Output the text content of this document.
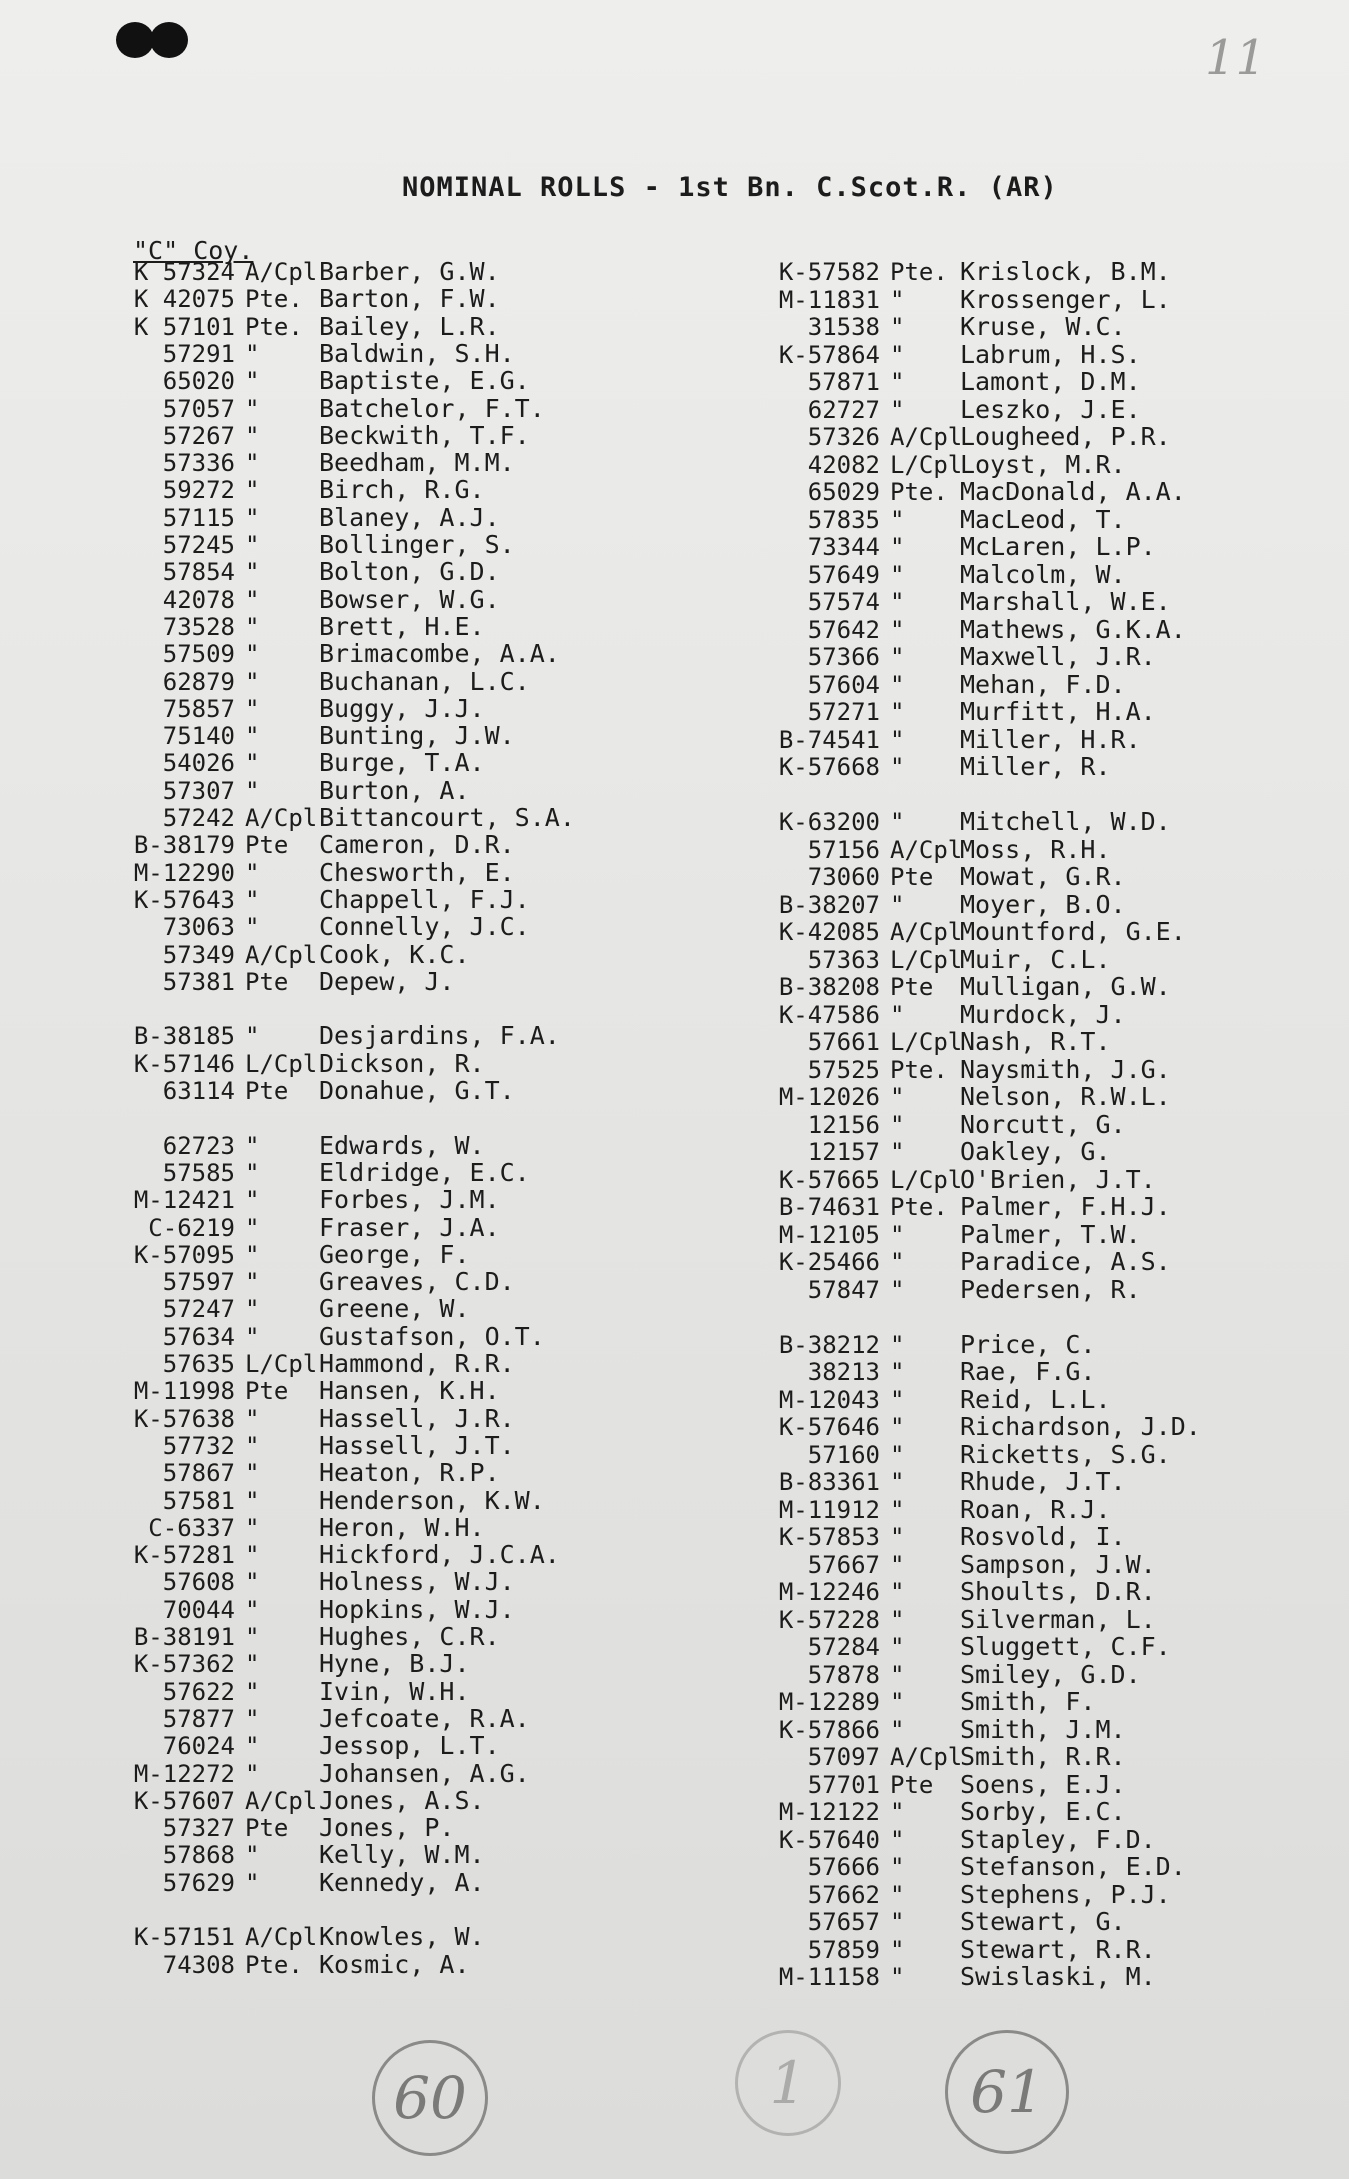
11
NOMINAL ROLLS - 1st Bn. C.Scot.R. (AR)
"C" Coy.
K 57324 A/Cpl Barber, G.W.
K 42075 Pte. Barton, F.W.
K 57101 Pte. Bailey, L.R.
57291 " Baldwin, S.H.
65020 " Baptiste, E.G.
57057 " Batchelor, F.T.
57267 " Beckwith, T.F.
57336 " Beedham, M.M.
59272 " Birch, R.G.
57115 " Blaney, A.J.
57245 " Bollinger, S.
57854 " Bolton, G.D.
42078 " Bowser, W.G.
73528 " Brett, H.E.
57509 " Brimacombe, A.A.
62879 " Buchanan, L.C.
75857 " Buggy, J.J.
75140 " Bunting, J.W.
54026 " Burge, T.A.
57307 " Burton, A.
57242 A/Cpl Bittancourt, S.A.
B-38179 Pte Cameron, D.R.
M-12290 " Chesworth, E.
K-57643 " Chappell, F.J.
73063 " Connelly, J.C.
57349 A/Cpl Cook, K.C.
57381 Pte Depew, J.
B-38185 " Desjardins, F.A.
K-57146 L/Cpl Dickson, R.
63114 Pte Donahue, G.T.
62723 " Edwards, W.
57585 " Eldridge, E.C.
M-12421 " Forbes, J.M.
C-6219 " Fraser, J.A.
K-57095 " George, F.
57597 " Greaves, C.D.
57247 " Greene, W.
57634 " Gustafson, O.T.
57635 L/Cpl Hammond, R.R.
M-11998 Pte Hansen, K.H.
K-57638 " Hassell, J.R.
57732 " Hassell, J.T.
57867 " Heaton, R.P.
57581 " Henderson, K.W.
C-6337 " Heron, W.H.
K-57281 " Hickford, J.C.A.
57608 " Holness, W.J.
70044 " Hopkins, W.J.
B-38191 " Hughes, C.R.
K-57362 " Hyne, B.J.
57622 " Ivin, W.H.
57877 " Jefcoate, R.A.
76024 " Jessop, L.T.
M-12272 " Johansen, A.G.
K-57607 A/Cpl Jones, A.S.
57327 Pte Jones, P.
57868 " Kelly, W.M.
57629 " Kennedy, A.
K-57151 A/Cpl Knowles, W.
74308 Pte. Kosmic, A.
K-57582 Pte. Krislock, B.M.
M-11831 " Krossenger, L.
31538 " Kruse, W.C.
K-57864 " Labrum, H.S.
57871 " Lamont, D.M.
62727 " Leszko, J.E.
57326 A/Cpl
Lougheed, P.R.
42082 L/Cpl
Loyst, M.R.
65029 Pte. MacDonald, A.A.
57835 " MacLeod, T.
73344 " McLaren, L.P.
57649 " Malcolm, W.
57574 " Marshall, W.E.
57642 " Mathews, G.K.A.
57366 " Maxwell, J.R.
57604 " Mehan, F.D.
57271 " Murfitt, H.A.
B-74541 " Miller, H.R.
K-57668 " Miller, R.
K-63200 " Mitchell, W.D.
57156 A/Cpl
Moss, R.H.
73060 Pte Mowat, G.R.
B-38207 " Moyer, B.O.
K-42085 A/Cpl
Mountford, G.E.
57363 L/Cpl
Muir, C.L.
B-38208 Pte Mulligan, G.W.
K-47586 " Murdock, J.
57661 L/Cpl
Nash, R.T.
57525 Pte. Naysmith, J.G.
M-12026 " Nelson, R.W.L.
12156 " Norcutt, G.
12157 " Oakley, G.
K-57665 L/Cpl
O'Brien, J.T.
B-74631 Pte. Palmer, F.H.J.
M-12105 " Palmer, T.W.
K-25466 " Paradice, A.S.
57847 " Pedersen, R.
B-38212 " Price, C.
38213 " Rae, F.G.
M-12043 " Reid, L.L.
K-57646 " Richardson, J.D.
57160 " Ricketts, S.G.
B-83361 " Rhude, J.T.
M-11912 " Roan, R.J.
K-57853 " Rosvold, I.
57667 " Sampson, J.W.
M-12246 " Shoults, D.R.
K-57228 " Silverman, L.
57284 " Sluggett, C.F.
57878 " Smiley, G.D.
M-12289 " Smith, F.
K-57866 " Smith, J.M.
57097 A/Cpl
Smith, R.R.
57701 Pte Soens, E.J.
M-12122 " Sorby, E.C.
K-57640 " Stapley, F.D.
57666 " Stefanson, E.D.
57662 " Stephens, P.J.
57657 " Stewart, G.
57859 " Stewart, R.R.
M-11158 " Swislaski, M.
60	1	61
